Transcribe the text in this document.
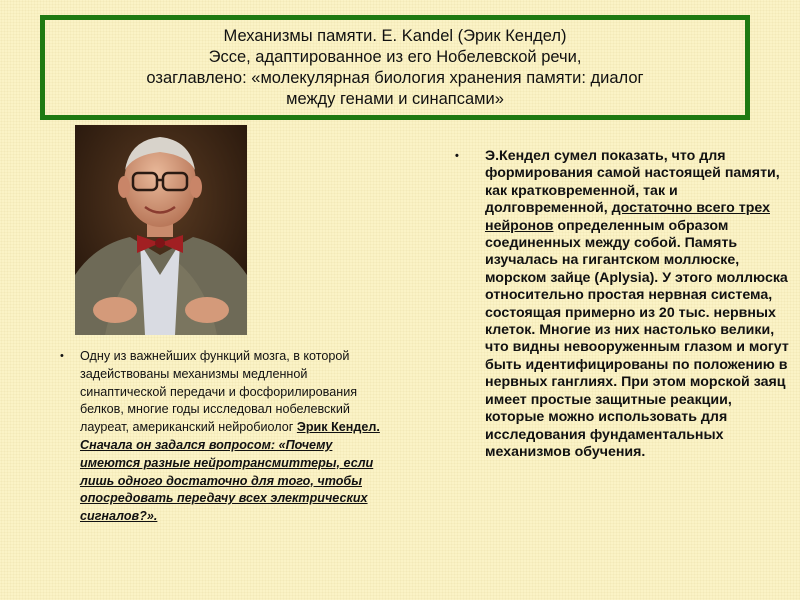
Механизмы памяти. E. Kandel (Эрик Кендел)
Эссе, адаптированное из его Нобелевской речи,
озаглавлено: «молекулярная биология хранения памяти: диалог
между генами и синапсами»
• Одну из важнейших функций мозга, в которой задействованы механизмы медленной синаптической передачи и фосфорилирования белков, многие годы исследовал нобелевский лауреат, американский нейробиолог Эрик Кендел. Сначала он задался вопросом: «Почему имеются разные нейротрансмиттеры, если лишь одного достаточно для того, чтобы опосредовать передачу всех электрических сигналов?».
• Э.Кендел сумел показать, что для формирования самой настоящей памяти, как кратковременной, так и долговременной, достаточно всего трех нейронов определенным образом соединенных между собой. Память изучалась на гигантском моллюске, морском зайце (Aplysia). У этого моллюска относительно простая нервная система, состоящая примерно из 20 тыс. нервных клеток. Многие из них настолько велики, что видны невооруженным глазом и могут быть идентифицированы по положению в нервных ганглиях. При этом морской заяц имеет простые защитные реакции, которые можно использовать для исследования фундаментальных механизмов обучения.
